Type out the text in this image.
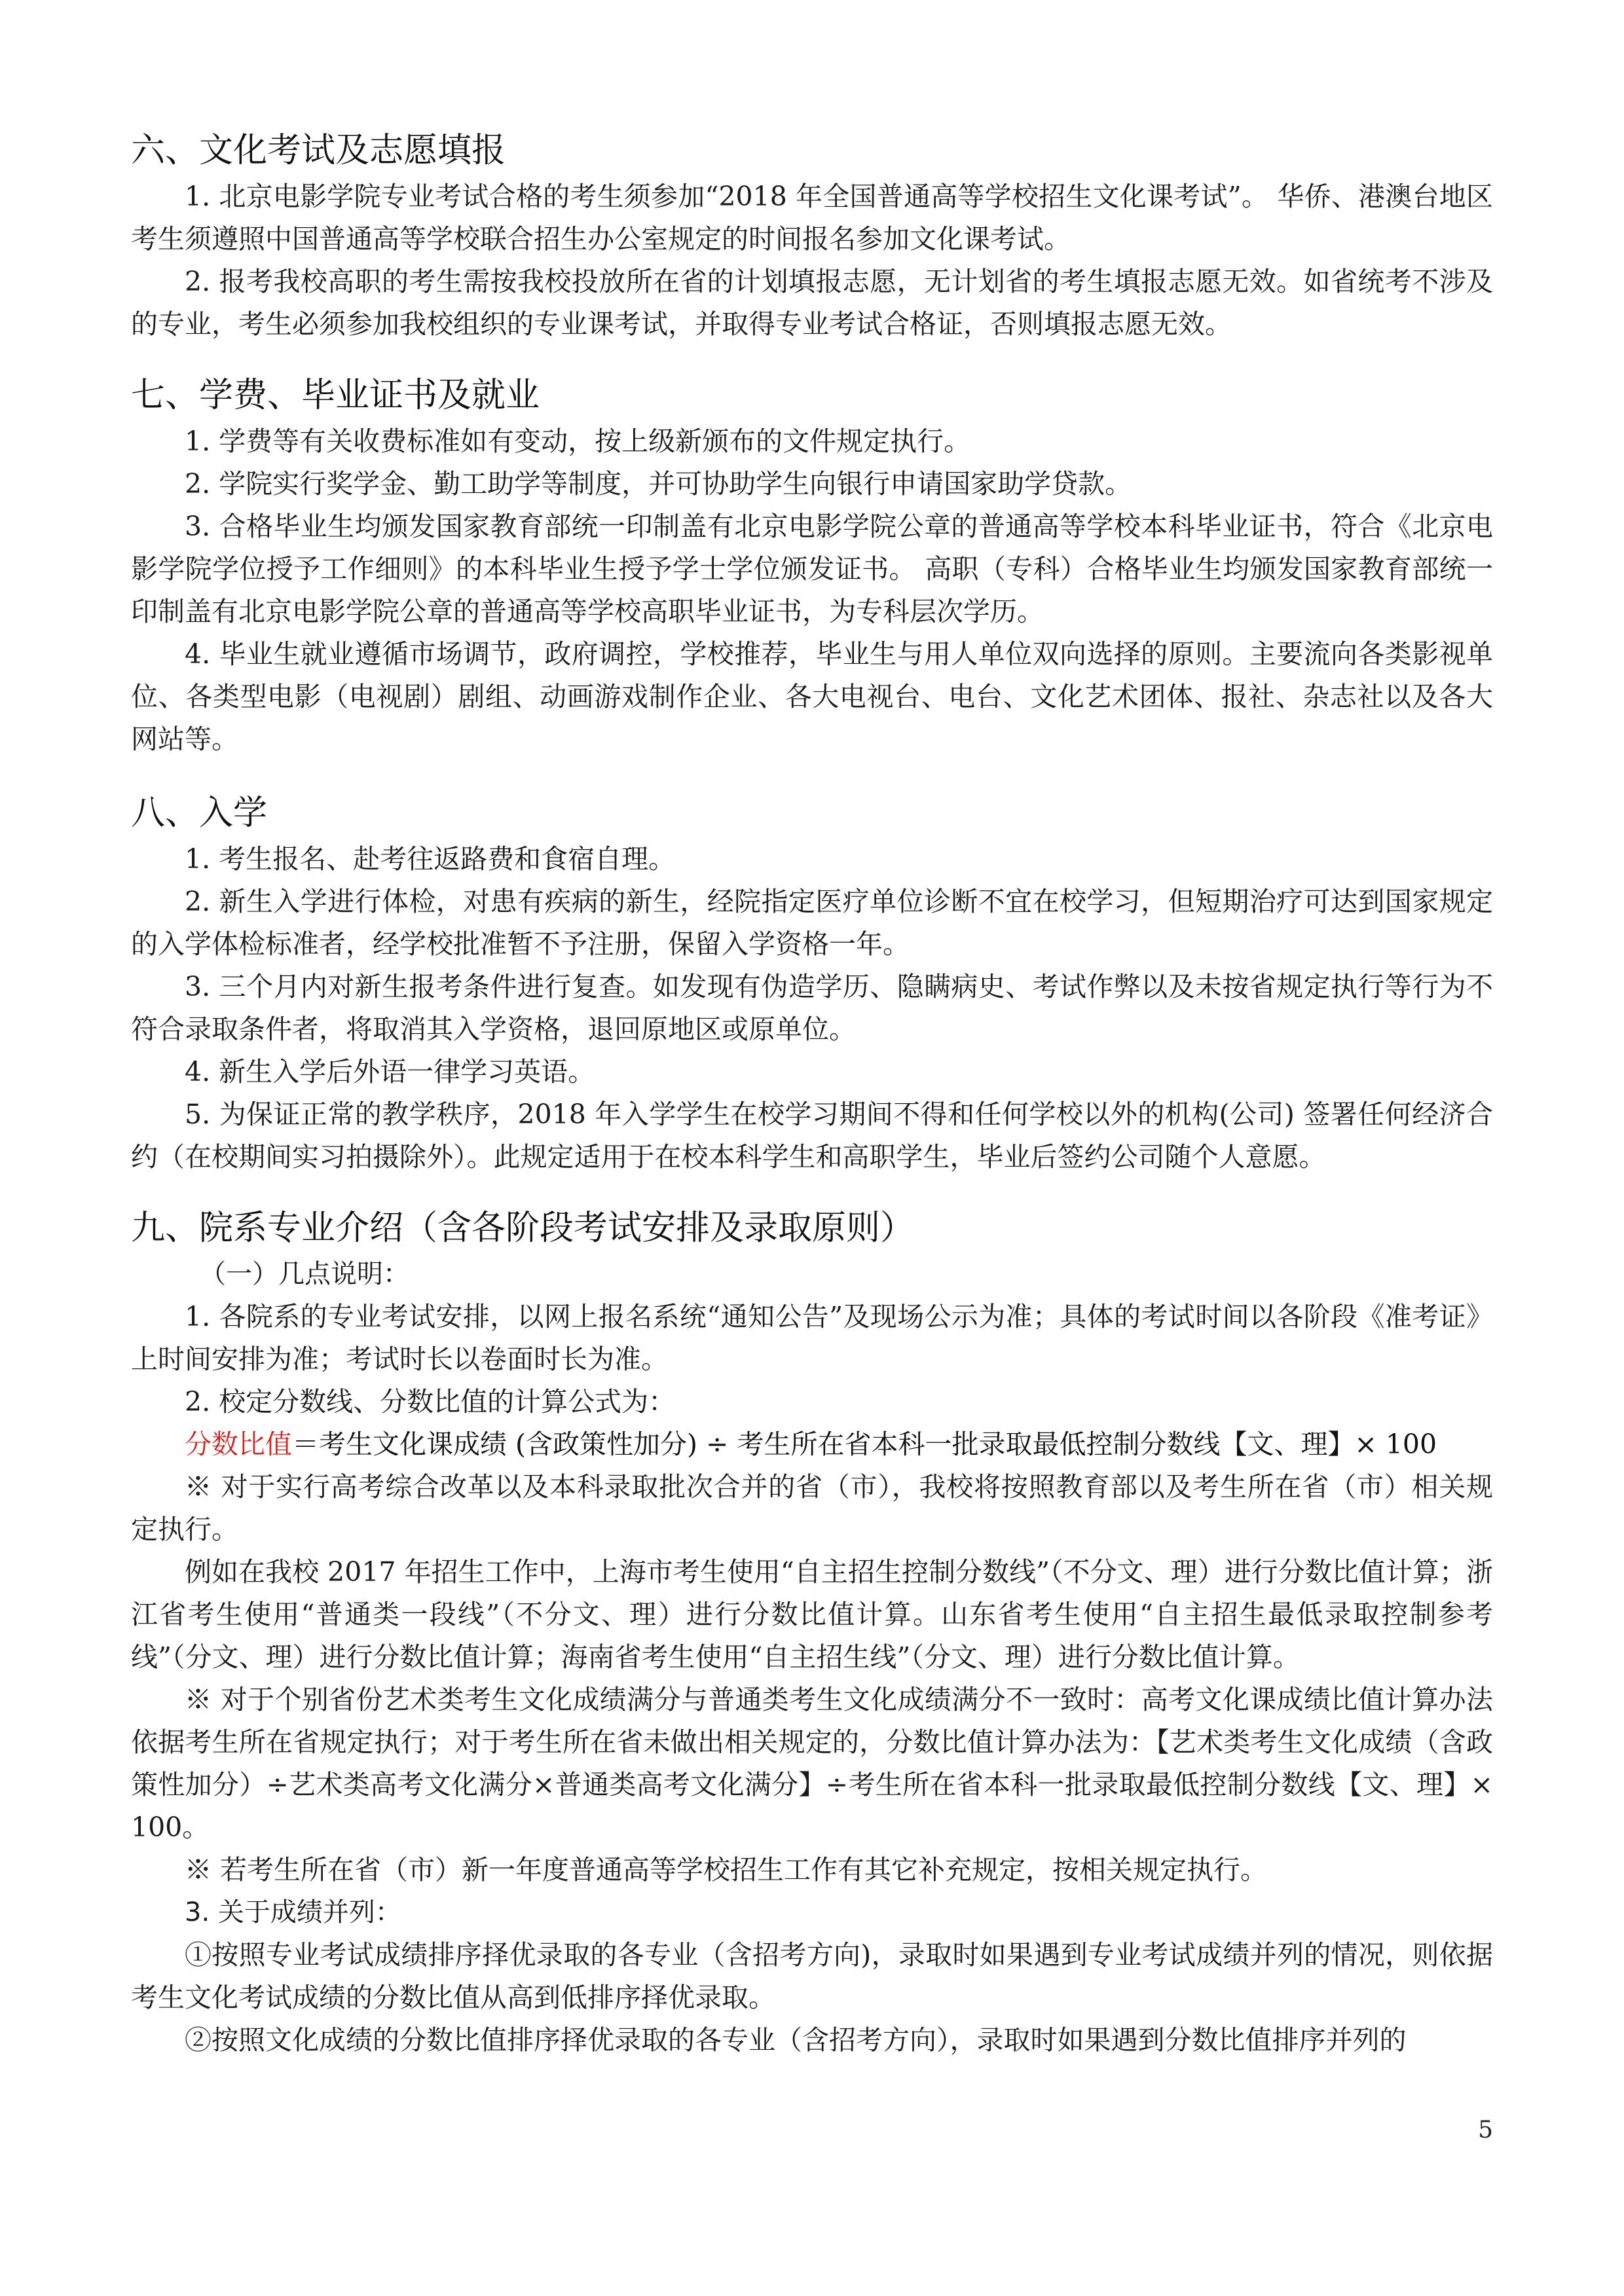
六、文化考试及志愿填报

1. 北京电影学院专业考试合格的考生须参加“2018 年全国普通高等学校招生文化课考试”。 华侨、港澳台地区考生须遵照中国普通高等学校联合招生办公室规定的时间报名参加文化课考试。

2. 报考我校高职的考生需按我校投放所在省的计划填报志愿，无计划省的考生填报志愿无效。如省统考不涉及的专业，考生必须参加我校组织的专业课考试，并取得专业考试合格证，否则填报志愿无效。

七、学费、毕业证书及就业

1. 学费等有关收费标准如有变动，按上级新颁布的文件规定执行。

2. 学院实行奖学金、勤工助学等制度，并可协助学生向银行申请国家助学贷款。

3. 合格毕业生均颁发国家教育部统一印制盖有北京电影学院公章的普通高等学校本科毕业证书，符合《北京电影学院学位授予工作细则》的本科毕业生授予学士学位颁发证书。 高职（专科）合格毕业生均颁发国家教育部统一印制盖有北京电影学院公章的普通高等学校高职毕业证书，为专科层次学历。

4. 毕业生就业遵循市场调节，政府调控，学校推荐，毕业生与用人单位双向选择的原则。主要流向各类影视单位、各类型电影（电视剧）剧组、动画游戏制作企业、各大电视台、电台、文化艺术团体、报社、杂志社以及各大网站等。

八、入学

1. 考生报名、赴考往返路费和食宿自理。

2. 新生入学进行体检，对患有疾病的新生，经院指定医疗单位诊断不宜在校学习，但短期治疗可达到国家规定的入学体检标准者，经学校批准暂不予注册，保留入学资格一年。

3. 三个月内对新生报考条件进行复查。如发现有伪造学历、隐瞒病史、考试作弊以及未按省规定执行等行为不符合录取条件者，将取消其入学资格，退回原地区或原单位。

4. 新生入学后外语一律学习英语。

5. 为保证正常的教学秩序，2018 年入学学生在校学习期间不得和任何学校以外的机构(公司) 签署任何经济合约（在校期间实习拍摄除外）。此规定适用于在校本科学生和高职学生，毕业后签约公司随个人意愿。

九、院系专业介绍（含各阶段考试安排及录取原则）

（一）几点说明：

1. 各院系的专业考试安排，以网上报名系统“通知公告”及现场公示为准；具体的考试时间以各阶段《准考证》上时间安排为准；考试时长以卷面时长为准。

2. 校定分数线、分数比值的计算公式为：

分数比值＝考生文化课成绩 (含政策性加分) ÷ 考生所在省本科一批录取最低控制分数线【文、理】× 100

※ 对于实行高考综合改革以及本科录取批次合并的省（市），我校将按照教育部以及考生所在省（市）相关规定执行。

例如在我校 2017 年招生工作中，上海市考生使用“自主招生控制分数线”（不分文、理）进行分数比值计算；浙江省考生使用“普通类一段线”（不分文、理）进行分数比值计算。山东省考生使用“自主招生最低录取控制参考线”（分文、理）进行分数比值计算；海南省考生使用“自主招生线”（分文、理）进行分数比值计算。

※ 对于个别省份艺术类考生文化成绩满分与普通类考生文化成绩满分不一致时：高考文化课成绩比值计算办法依据考生所在省规定执行；对于考生所在省未做出相关规定的，分数比值计算办法为：【艺术类考生文化成绩（含政策性加分）÷艺术类高考文化满分×普通类高考文化满分】÷考生所在省本科一批录取最低控制分数线【文、理】× 100。

※ 若考生所在省（市）新一年度普通高等学校招生工作有其它补充规定，按相关规定执行。

3. 关于成绩并列：

①按照专业考试成绩排序择优录取的各专业（含招考方向)，录取时如果遇到专业考试成绩并列的情况，则依据考生文化考试成绩的分数比值从高到低排序择优录取。

②按照文化成绩的分数比值排序择优录取的各专业（含招考方向），录取时如果遇到分数比值排序并列的

5
